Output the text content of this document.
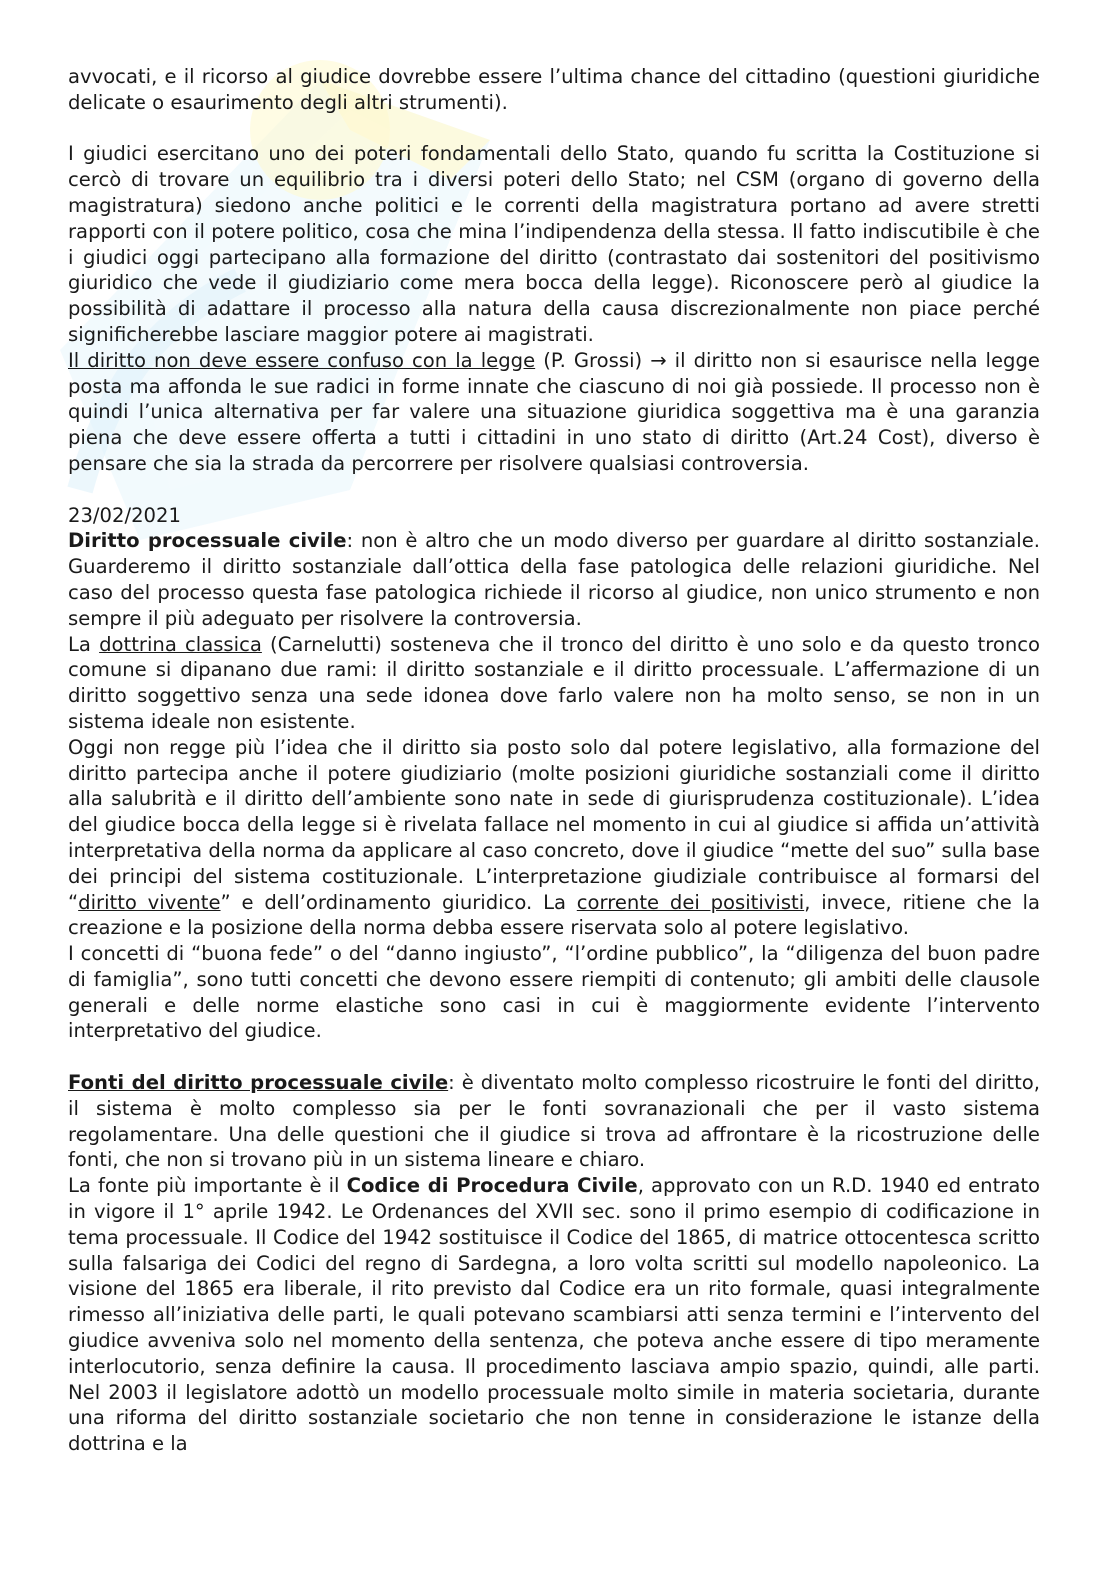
avvocati, e il ricorso al giudice dovrebbe essere l’ultima chance del cittadino (questioni giuridiche delicate o esaurimento degli altri strumenti).

I giudici esercitano uno dei poteri fondamentali dello Stato, quando fu scritta la Costituzione si cercò di trovare un equilibrio tra i diversi poteri dello Stato; nel CSM (organo di governo della magistratura) siedono anche politici e le correnti della magistratura portano ad avere stretti rapporti con il potere politico, cosa che mina l’indipendenza della stessa. Il fatto indiscutibile è che i giudici oggi partecipano alla formazione del diritto (contrastato dai sostenitori del positivismo giuridico che vede il giudiziario come mera bocca della legge). Riconoscere però al giudice la possibilità di adattare il processo alla natura della causa discrezionalmente non piace perché significherebbe lasciare maggior potere ai magistrati.

Il diritto non deve essere confuso con la legge (P. Grossi) → il diritto non si esaurisce nella legge posta ma affonda le sue radici in forme innate che ciascuno di noi già possiede. Il processo non è quindi l’unica alternativa per far valere una situazione giuridica soggettiva ma è una garanzia piena che deve essere offerta a tutti i cittadini in uno stato di diritto (Art.24 Cost), diverso è pensare che sia la strada da percorrere per risolvere qualsiasi controversia.

23/02/2021

Diritto processuale civile: non è altro che un modo diverso per guardare al diritto sostanziale. Guarderemo il diritto sostanziale dall’ottica della fase patologica delle relazioni giuridiche. Nel caso del processo questa fase patologica richiede il ricorso al giudice, non unico strumento e non sempre il più adeguato per risolvere la controversia.

La dottrina classica (Carnelutti) sosteneva che il tronco del diritto è uno solo e da questo tronco comune si dipanano due rami: il diritto sostanziale e il diritto processuale. L’affermazione di un diritto soggettivo senza una sede idonea dove farlo valere non ha molto senso, se non in un sistema ideale non esistente.

Oggi non regge più l’idea che il diritto sia posto solo dal potere legislativo, alla formazione del diritto partecipa anche il potere giudiziario (molte posizioni giuridiche sostanziali come il diritto alla salubrità e il diritto dell’ambiente sono nate in sede di giurisprudenza costituzionale). L’idea del giudice bocca della legge si è rivelata fallace nel momento in cui al giudice si affida un’attività interpretativa della norma da applicare al caso concreto, dove il giudice “mette del suo” sulla base dei principi del sistema costituzionale. L’interpretazione giudiziale contribuisce al formarsi del “diritto vivente” e dell’ordinamento giuridico. La corrente dei positivisti, invece, ritiene che la creazione e la posizione della norma debba essere riservata solo al potere legislativo.

I concetti di “buona fede” o del “danno ingiusto”, “l’ordine pubblico”, la “diligenza del buon padre di famiglia”, sono tutti concetti che devono essere riempiti di contenuto; gli ambiti delle clausole generali e delle norme elastiche sono casi in cui è maggiormente evidente l’intervento interpretativo del giudice.

Fonti del diritto processuale civile: è diventato molto complesso ricostruire le fonti del diritto, il sistema è molto complesso sia per le fonti sovranazionali che per il vasto sistema regolamentare. Una delle questioni che il giudice si trova ad affrontare è la ricostruzione delle fonti, che non si trovano più in un sistema lineare e chiaro.

La fonte più importante è il Codice di Procedura Civile, approvato con un R.D. 1940 ed entrato in vigore il 1° aprile 1942. Le Ordenances del XVII sec. sono il primo esempio di codificazione in tema processuale. Il Codice del 1942 sostituisce il Codice del 1865, di matrice ottocentesca scritto sulla falsariga dei Codici del regno di Sardegna, a loro volta scritti sul modello napoleonico. La visione del 1865 era liberale, il rito previsto dal Codice era un rito formale, quasi integralmente rimesso all’iniziativa delle parti, le quali potevano scambiarsi atti senza termini e l’intervento del giudice avveniva solo nel momento della sentenza, che poteva anche essere di tipo meramente interlocutorio, senza definire la causa. Il procedimento lasciava ampio spazio, quindi, alle parti. Nel 2003 il legislatore adottò un modello processuale molto simile in materia societaria, durante una riforma del diritto sostanziale societario che non tenne in considerazione le istanze della dottrina e la
